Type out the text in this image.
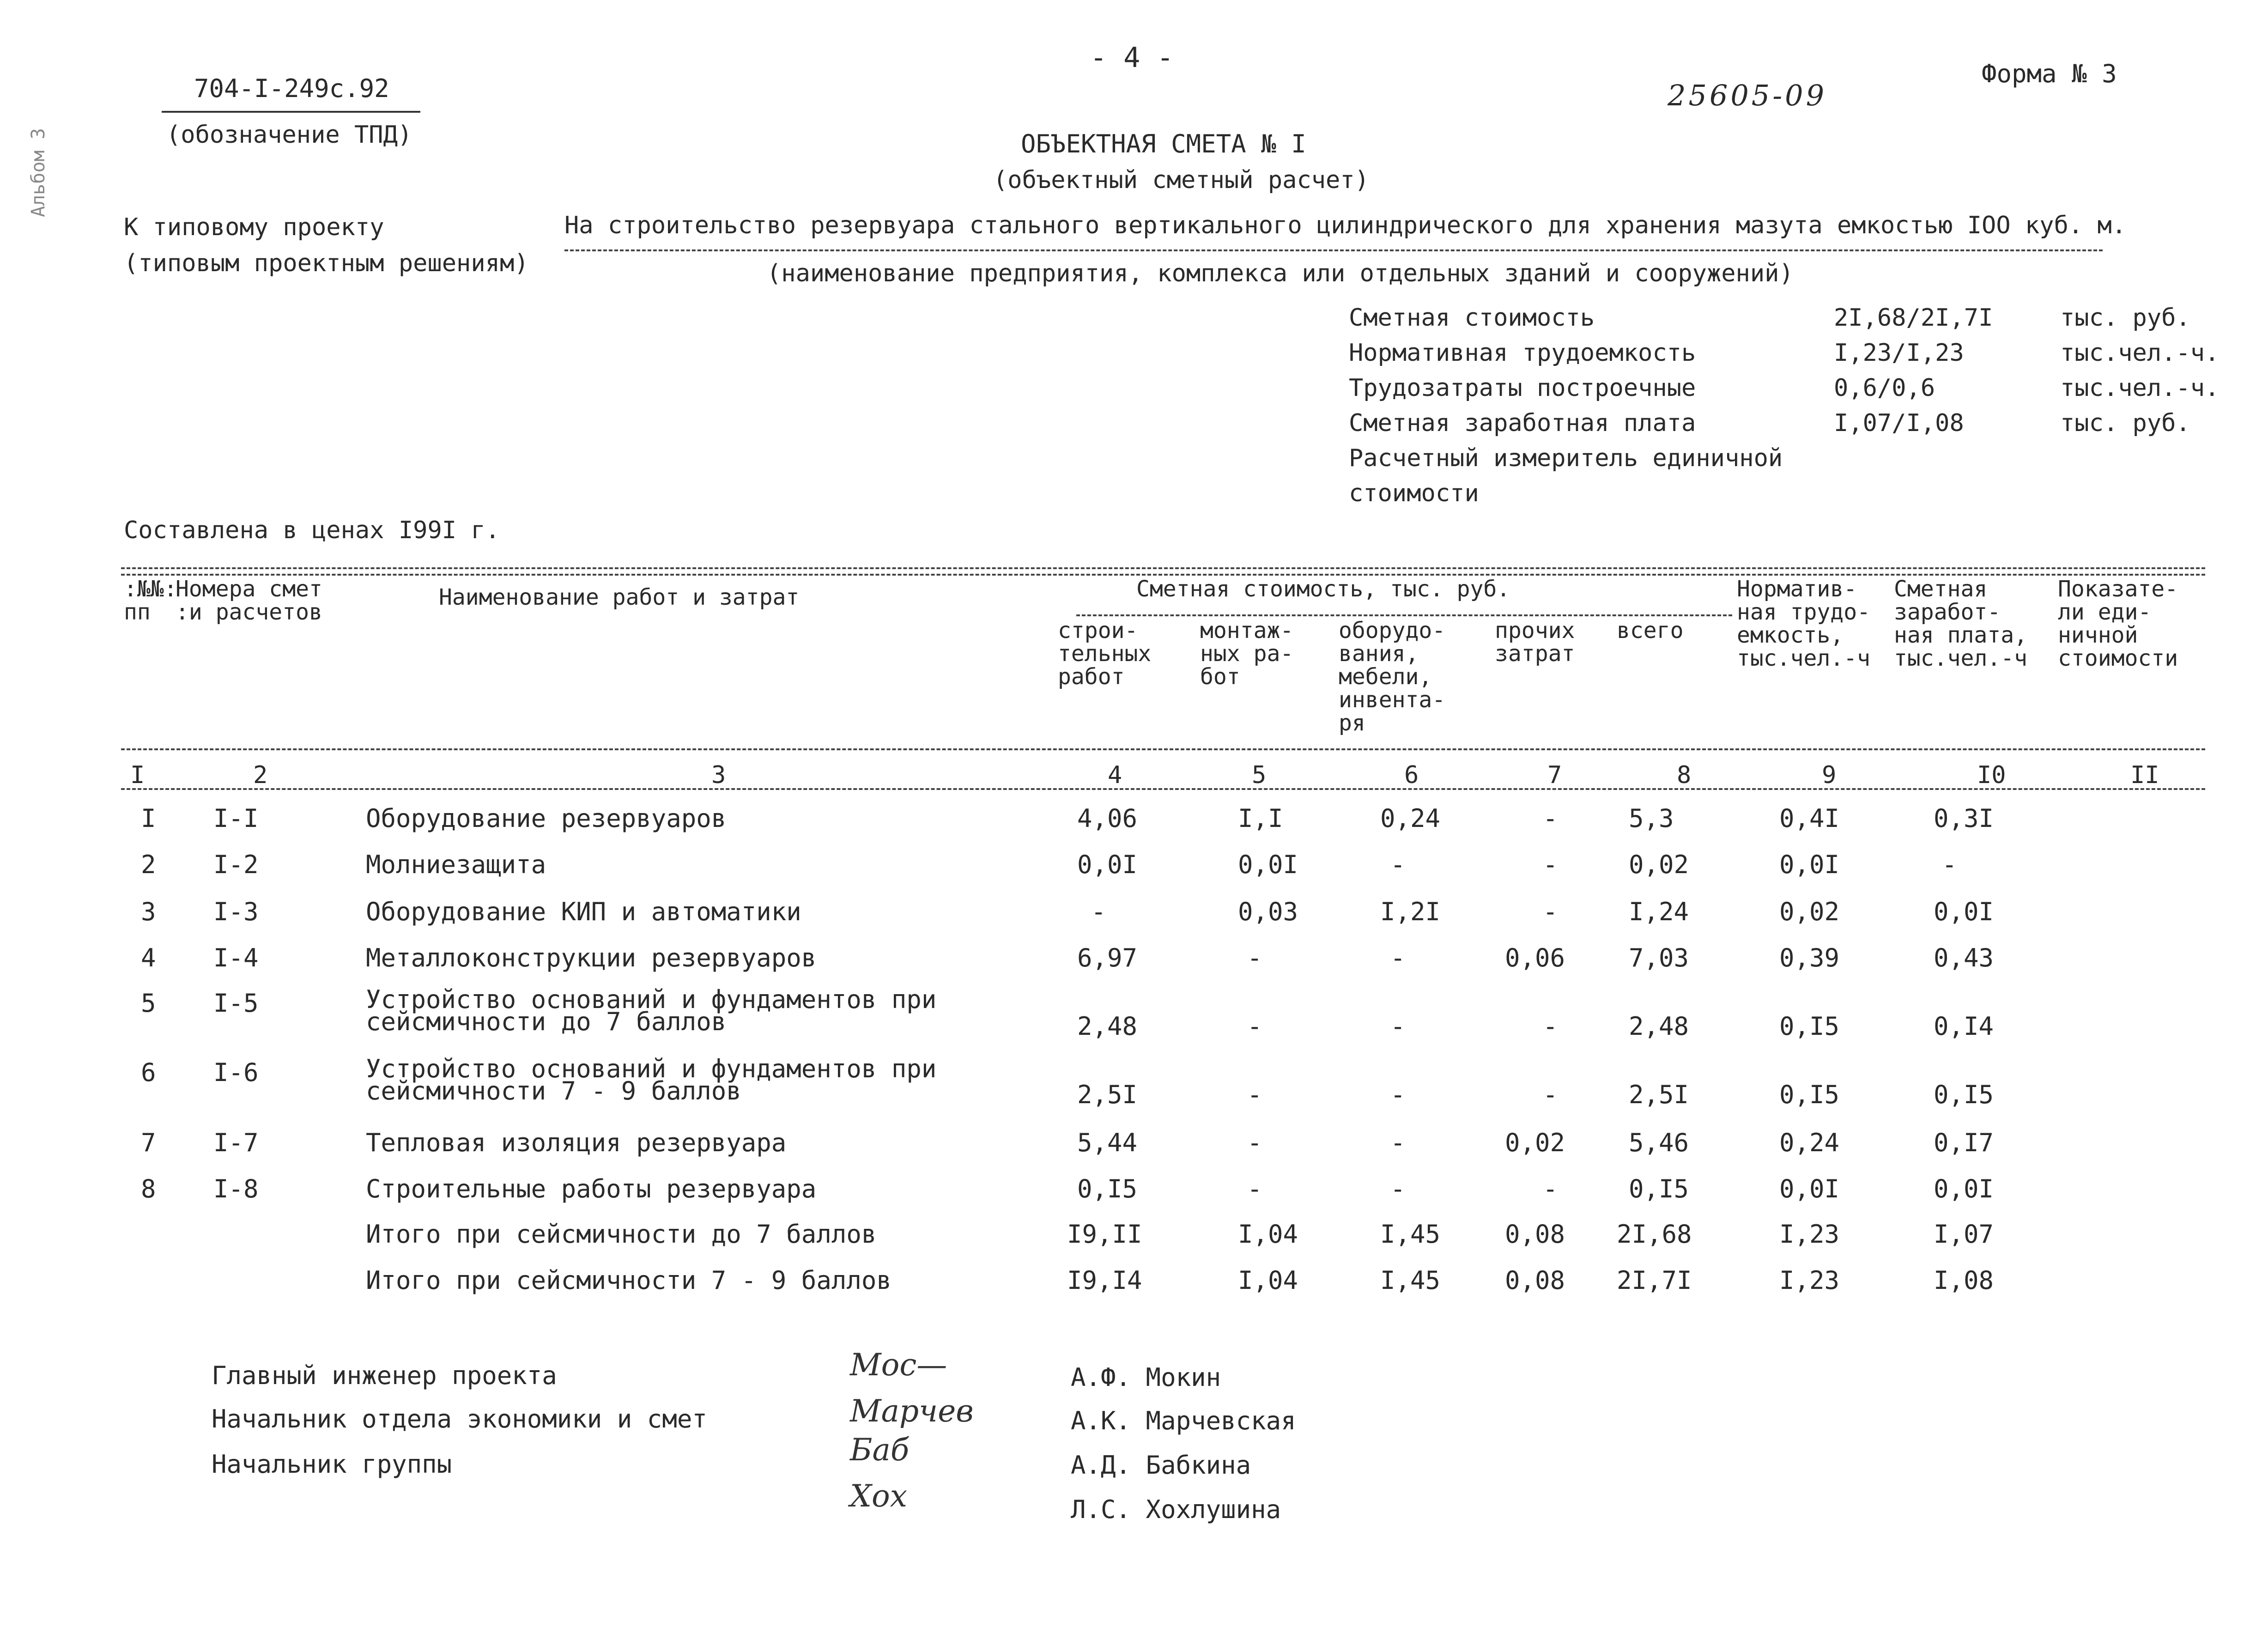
704-I-249с.92
(обозначение ТПД)
- 4 -
25605-09
Форма № 3
Альбом 3	ОБЪЕКТНАЯ СМЕТА № I
(объектный сметный расчет)
К типовому проекту
(типовым проектным решениям)
На строительство резервуара стального вертикального цилиндрического для хранения мазута емкостью IOO куб. м.
(наименование предприятия, комплекса или отдельных зданий и сооружений)
Сметная стоимость	2I,68/2I,7I	тыс. руб.
Нормативная трудоемкость	I,23/I,23	тыс.чел.-ч.
Трудозатраты построечные	0,6/0,6	тыс.чел.-ч.
Сметная заработная плата	I,07/I,08	тыс. руб.
Расчетный измеритель единичной
стоимости
Составлена в ценах I99I г.
:№№:
пп
Номера смет
:и расчетов
Наименование работ и затрат	Сметная стоимость, тыс. руб.
строи-
тельных
работ
монтаж-
ных ра-
бот
оборудо-
вания,
мебели,
инвента-
ря
прочих
затрат
всего
Норматив-
ная трудо-
емкость,
тыс.чел.-ч
Сметная
заработ-
ная плата,
тыс.чел.-ч
Показате-
ли еди-
ничной
стоимости
I	2	3	4	5	6	7	8	9	I0	II
I I-I	Оборудование резервуаров	4,06	I,I	0,24	-	5,3	0,4I	0,3I
2 I-2	Молниезащита	0,0I	0,0I	-	-	0,02	0,0I	-
3 I-3	Оборудование КИП и автоматики	-	0,03	I,2I	-	I,24	0,02	0,0I
4 I-4	Металлоконструкции резервуаров	6,97	-	-	0,06	7,03	0,39	0,43
5 I-5	Устройство оснований и фундаментов при сейсмичности до 7 баллов	2,48	-	-	-	2,48	0,I5	0,I4
6 I-6	Устройство оснований и фундаментов при сейсмичности 7 - 9 баллов	2,5I	-	-	-	2,5I	0,I5	0,I5
7 I-7	Тепловая изоляция резервуара	5,44	-	-	0,02	5,46	0,24	0,I7
8 I-8	Строительные работы резервуара	0,I5	-	-	-	0,I5	0,0I	0,0I
Итого при сейсмичности до 7 баллов	I9,II	I,04	I,45	0,08 2I,68	I,23	I,07
Итого при сейсмичности 7 - 9 баллов	I9,I4	I,04	I,45	0,08 2I,7I	I,23	I,08
Главный инженер проекта	Мос—	А.Ф. Мокин
Начальник отдела экономики и смет	Марчев	А.К. Марчевская
Начальник группы	Баб	А.Д. Бабкина
Хох	Л.С. Хохлушина
